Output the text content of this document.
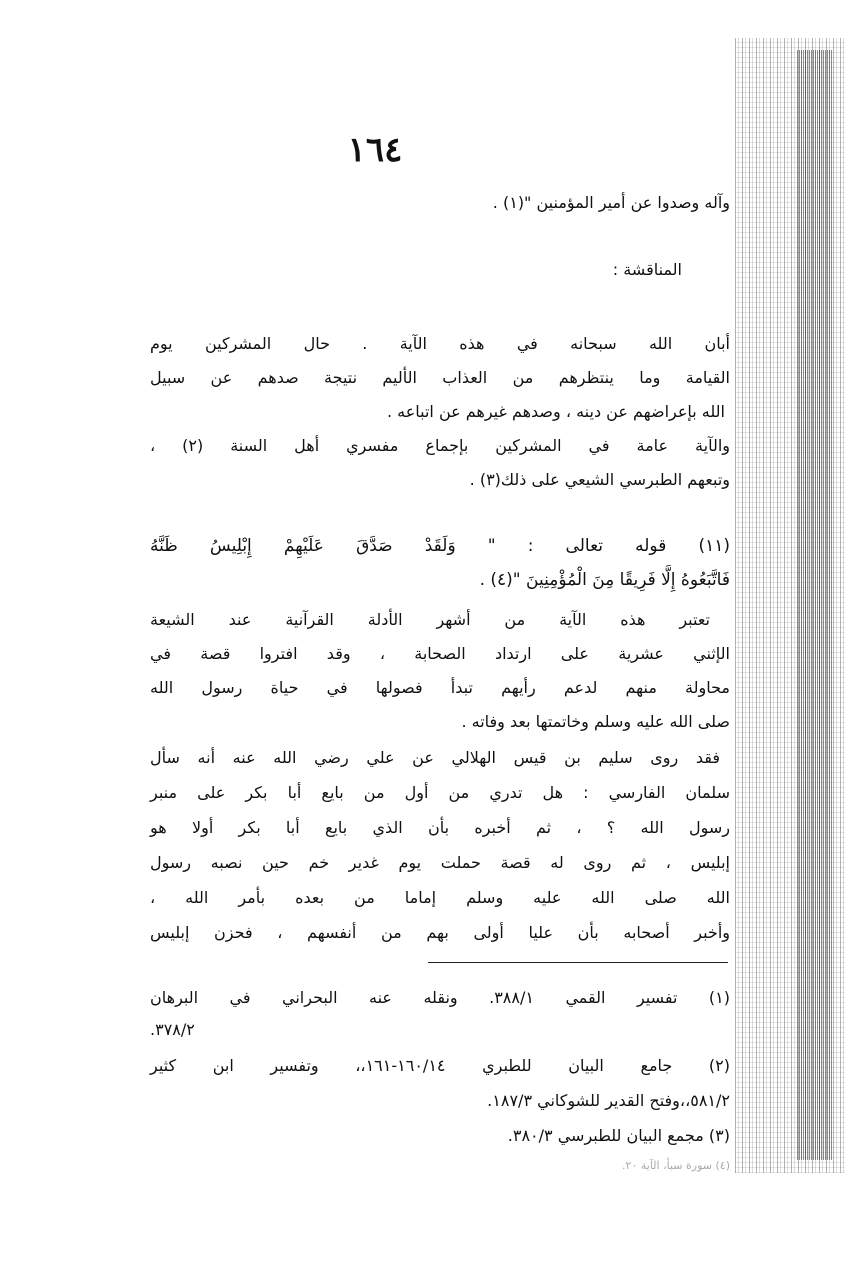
١٦٤
وآله وصدوا عن أمير المؤمنين "(١) .
المناقشة :
أبان الله سبحانه في هذه الآية . حال المشركين يوم
القيامة وما ينتظرهم من العذاب الأليم نتيجة صدهم عن سبيل
الله بإعراضهم عن دينه ، وصدهم غيرهم عن اتباعه .
والآية عامة في المشركين بإجماع مفسري أهل السنة (٢) ،
وتبعهم الطبرسي الشيعي على ذلك(٣) .
(١١) قوله تعالى : " وَلَقَدْ صَدَّقَ عَلَيْهِمْ إِبْلِيسُ ظَنَّهُ
فَاتَّبَعُوهُ إِلَّا فَرِيقًا مِنَ الْمُؤْمِنِينَ "(٤) .
تعتبر هذه الآية من أشهر الأدلة القرآنية عند الشيعة
الإثني عشرية على ارتداد الصحابة ، وقد افتروا قصة في
محاولة منهم لدعم رأيهم تبدأ فصولها في حياة رسول الله
صلى الله عليه وسلم وخاتمتها بعد وفاته .
فقد روى سليم بن قيس الهلالي عن علي رضي الله عنه أنه سأل
سلمان الفارسي : هل تدري من أول من بايع أبا بكر على منبر
رسول الله ؟ ، ثم أخبره بأن الذي بايع أبا بكر أولا هو
إبليس ، ثم روى له قصة حملت يوم غدير خم حين نصبه رسول
الله صلى الله عليه وسلم إماما من بعده بأمر الله ،
وأخبر أصحابه بأن عليا أولى بهم من أنفسهم ، فحزن إبليس
(١) تفسير القمي ٣٨٨/١. ونقله عنه البحراني في البرهان
٣٧٨/٢.
(٢) جامع البيان للطبري ١٦٠/١٤-١٦١،، وتفسير ابن كثير
٥٨١/٢،،وفتح القدير للشوكاني ١٨٧/٣.
(٣) مجمع البيان للطبرسي ٣٨٠/٣.
(٤) سورة سبأ، الآية ٢٠.
